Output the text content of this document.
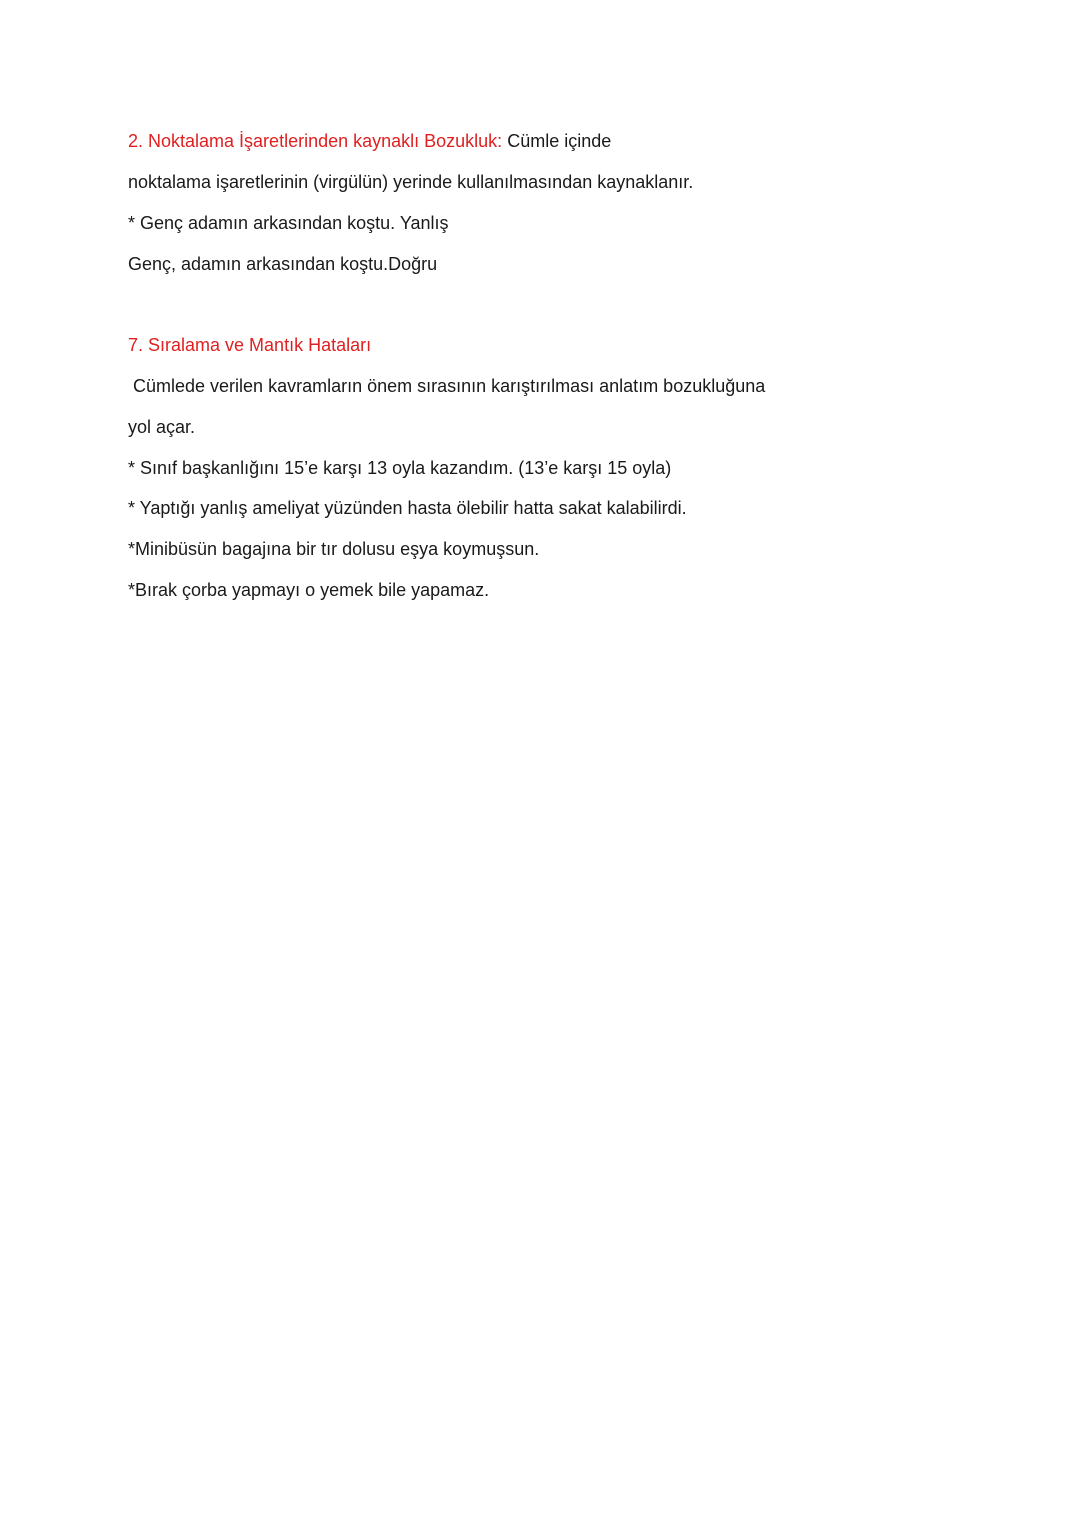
2. Noktalama İşaretlerinden kaynaklı Bozukluk: Cümle içinde
noktalama işaretlerinin (virgülün) yerinde kullanılmasından kaynaklanır.
* Genç adamın arkasından koştu. Yanlış
Genç, adamın arkasından koştu.Doğru
7. Sıralama ve Mantık Hataları
Cümlede verilen kavramların önem sırasının karıştırılması anlatım bozukluğuna
yol açar.
* Sınıf başkanlığını 15’e karşı 13 oyla kazandım. (13’e karşı 15 oyla)
* Yaptığı yanlış ameliyat yüzünden hasta ölebilir hatta sakat kalabilirdi.
*Minibüsün bagajına bir tır dolusu eşya koymuşsun.
*Bırak çorba yapmayı o yemek bile yapamaz.
